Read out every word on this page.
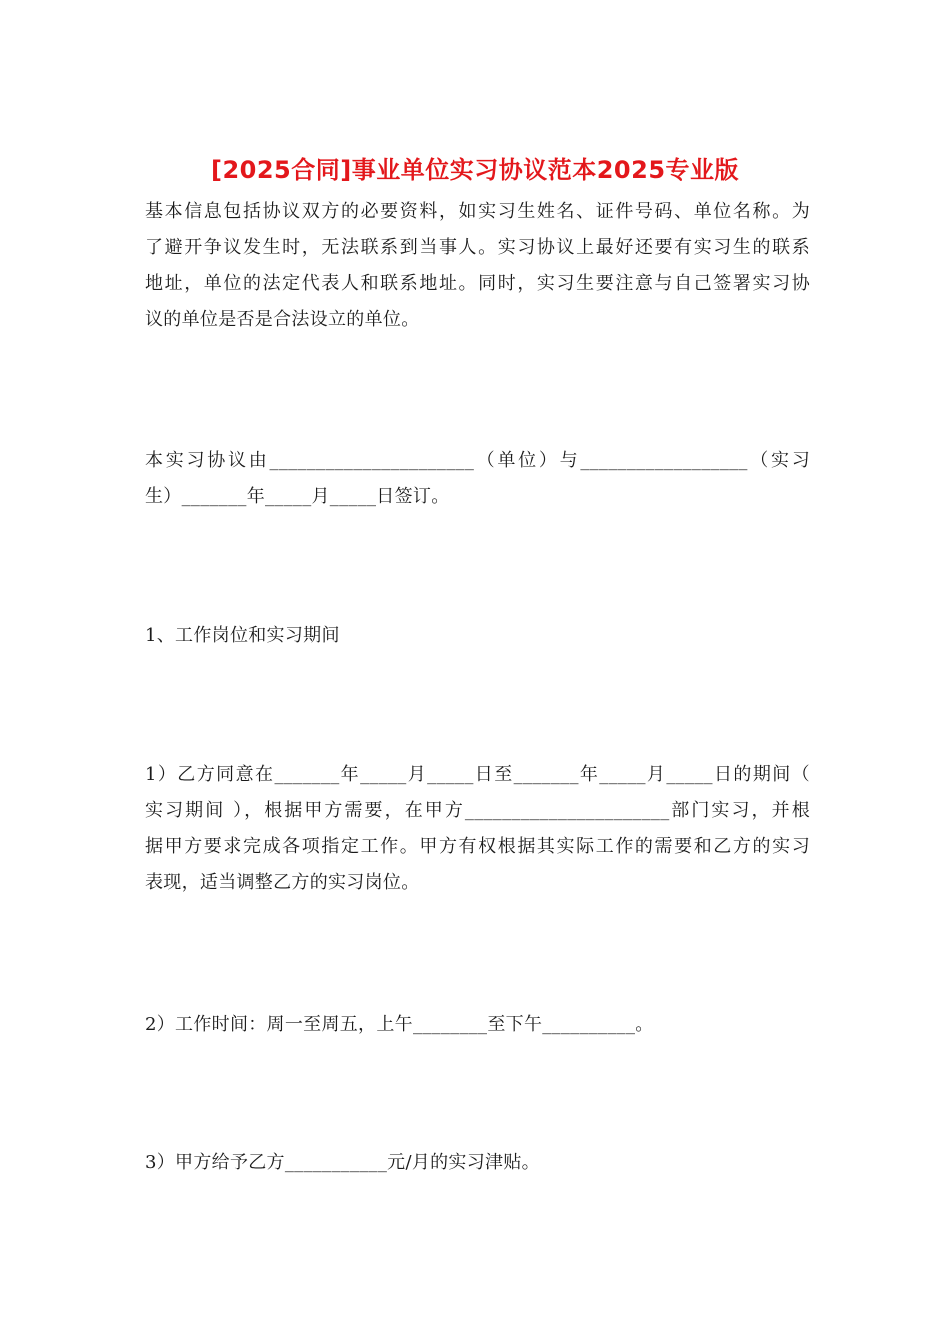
[2025合同]事业单位实习协议范本2025专业版
基本信息包括协议双方的必要资料，如实习生姓名、证件号码、单位名称。为
了避开争议发生时，无法联系到当事人。实习协议上最好还要有实习生的联系
地址，单位的法定代表人和联系地址。同时，实习生要注意与自己签署实习协
议的单位是否是合法设立的单位。
本实习协议由______________________（单位）与__________________（实习
生）_______年_____月_____日签订。
1、工作岗位和实习期间
1）乙方同意在_______年_____月_____日至_______年_____月_____日的期间（
实习期间 ），根据甲方需要，在甲方______________________部门实习，并根
据甲方要求完成各项指定工作。甲方有权根据其实际工作的需要和乙方的实习
表现，适当调整乙方的实习岗位。
2）工作时间：周一至周五，上午________至下午__________。
3）甲方给予乙方___________元/月的实习津贴。
